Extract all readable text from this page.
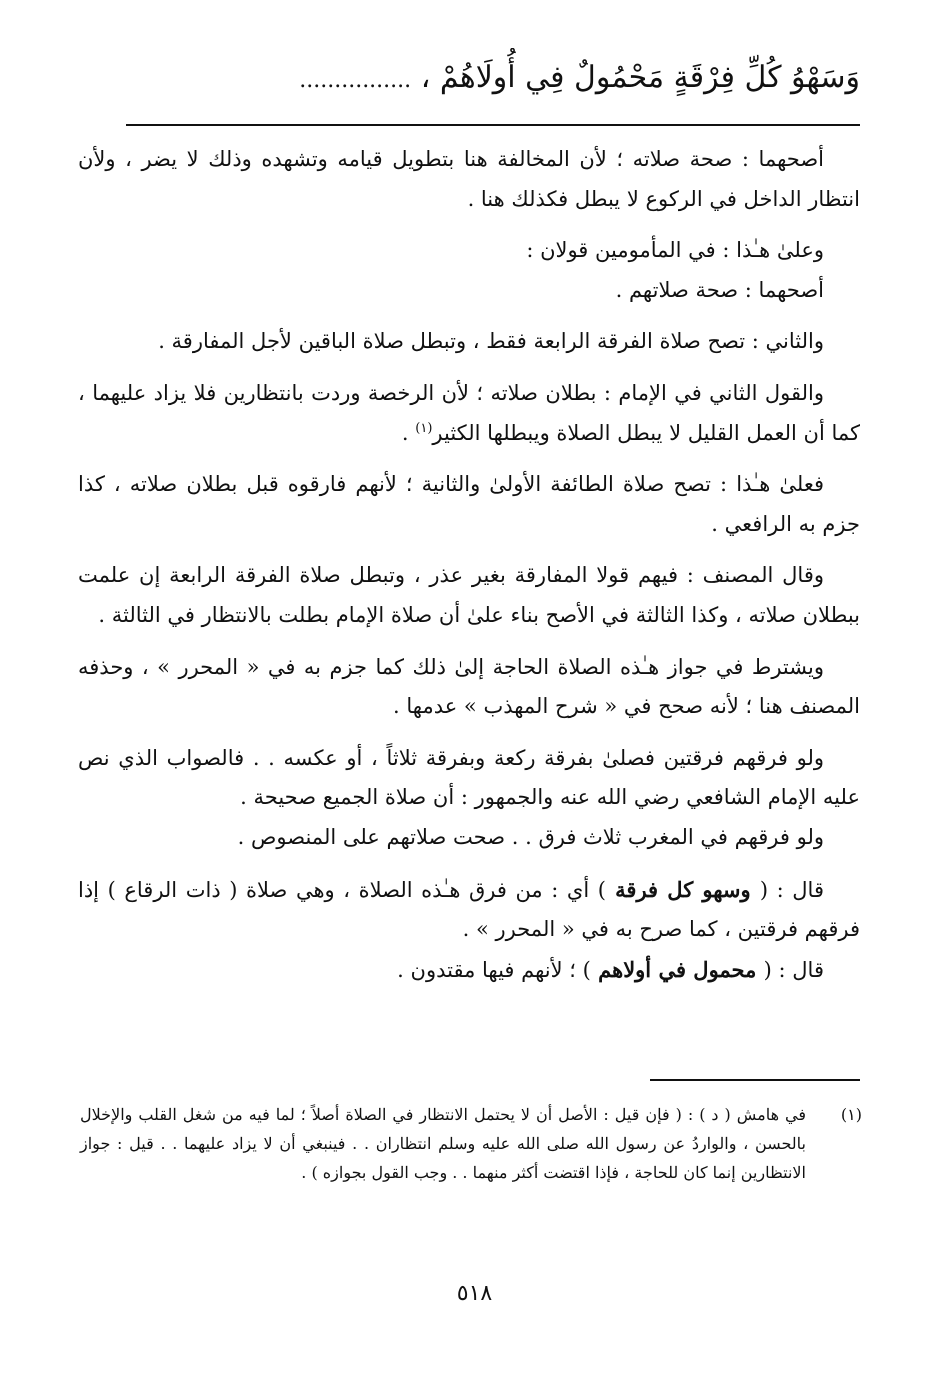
وَسَهْوُ كُلِّ فِرْقَةٍ مَحْمُولٌ فِي أُولَاهُمْ ، ................

أصحهما : صحة صلاته ؛ لأن المخالفة هنا بتطويل قيامه وتشهده وذلك لا يضر ، ولأن انتظار الداخل في الركوع لا يبطل فكذلك هنا .

وعلىٰ هـٰذا : في المأمومين قولان :

أصحهما : صحة صلاتهم .

والثاني : تصح صلاة الفرقة الرابعة فقط ، وتبطل صلاة الباقين لأجل المفارقة .

والقول الثاني في الإمام : بطلان صلاته ؛ لأن الرخصة وردت بانتظارين فلا يزاد عليهما ، كما أن العمل القليل لا يبطل الصلاة ويبطلها الكثير$^{(١)}$ .

فعلىٰ هـٰذا : تصح صلاة الطائفة الأولىٰ والثانية ؛ لأنهم فارقوه قبل بطلان صلاته ، كذا جزم به الرافعي .

وقال المصنف : فيهم قولا المفارقة بغير عذر ، وتبطل صلاة الفرقة الرابعة إن علمت ببطلان صلاته ، وكذا الثالثة في الأصح بناء علىٰ أن صلاة الإمام بطلت بالانتظار في الثالثة .

ويشترط في جواز هـٰذه الصلاة الحاجة إلىٰ ذلك كما جزم به في « المحرر » ، وحذفه المصنف هنا ؛ لأنه صحح في « شرح المهذب » عدمها .

ولو فرقهم فرقتين فصلىٰ بفرقة ركعة وبفرقة ثلاثاً ، أو عكسه . . فالصواب الذي نص عليه الإمام الشافعي رضي الله عنه والجمهور : أن صلاة الجميع صحيحة .

ولو فرقهم في المغرب ثلاث فرق . . صحت صلاتهم على المنصوص .

قال : ( وسهو كل فرقة ) أي : من فرق هـٰذه الصلاة ، وهي صلاة ( ذات الرقاع ) إذا فرقهم فرقتين ، كما صرح به في « المحرر » .

قال : ( محمول في أولاهم ) ؛ لأنهم فيها مقتدون .

(١)
في هامش ( د ) : ( فإن قيل : الأصل أن لا يحتمل الانتظار في الصلاة أصلاً ؛ لما فيه من شغل القلب والإخلال بالحسن ، والواردُ عن رسول الله صلى الله عليه وسلم انتظاران . . فينبغي أن لا يزاد عليهما . . قيل : جواز الانتظارين إنما كان للحاجة ، فإذا اقتضت أكثر منهما . . وجب القول بجوازه ) .
٥١٨
